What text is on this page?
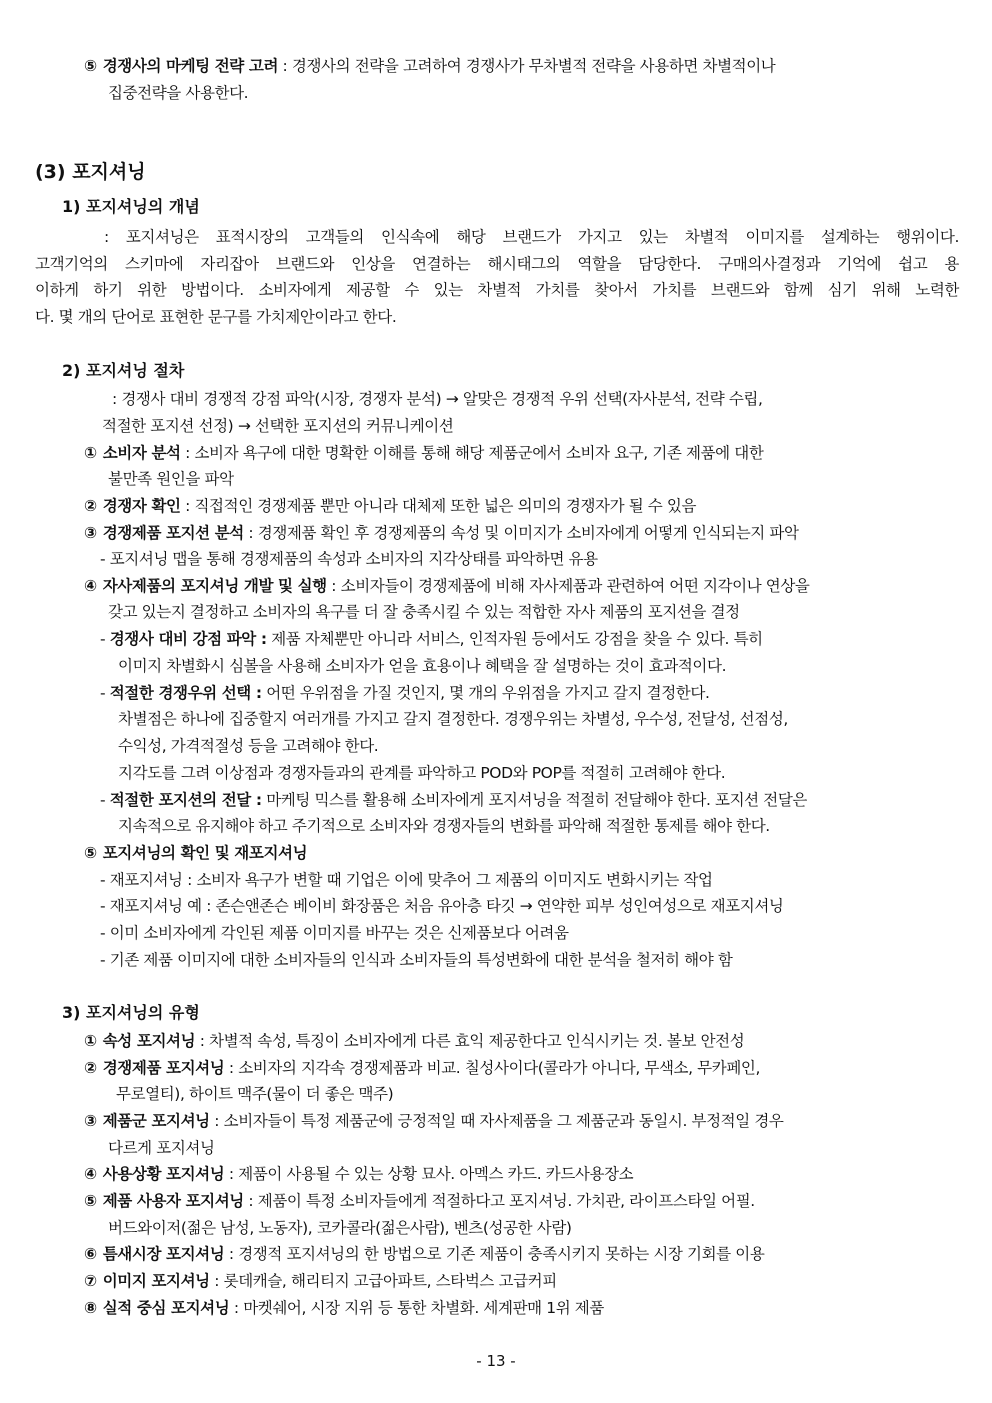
⑤ 경쟁사의 마케팅 전략 고려 : 경쟁사의 전략을 고려하여 경쟁사가 무차별적 전략을 사용하면 차별적이나
집중전략을 사용한다.
(3) 포지셔닝
1) 포지셔닝의 개념
: 포지셔닝은 표적시장의 고객들의 인식속에 해당 브랜드가 가지고 있는 차별적 이미지를 설계하는 행위이다.
고객기억의 스키마에 자리잡아 브랜드와 인상을 연결하는 해시태그의 역할을 담당한다. 구매의사결정과 기억에 쉽고 용
이하게 하기 위한 방법이다. 소비자에게 제공할 수 있는 차별적 가치를 찾아서 가치를 브랜드와 함께 심기 위해 노력한
다. 몇 개의 단어로 표현한 문구를 가치제안이라고 한다.
2) 포지셔닝 절차
: 경쟁사 대비 경쟁적 강점 파악(시장, 경쟁자 분석) → 알맞은 경쟁적 우위 선택(자사분석, 전략 수립,
적절한 포지션 선정) → 선택한 포지션의 커뮤니케이션
① 소비자 분석 : 소비자 욕구에 대한 명확한 이해를 통해 해당 제품군에서 소비자 요구, 기존 제품에 대한
불만족 원인을 파악
② 경쟁자 확인 : 직접적인 경쟁제품 뿐만 아니라 대체제 또한 넓은 의미의 경쟁자가 될 수 있음
③ 경쟁제품 포지션 분석 : 경쟁제품 확인 후 경쟁제품의 속성 및 이미지가 소비자에게 어떻게 인식되는지 파악
- 포지셔닝 맵을 통해 경쟁제품의 속성과 소비자의 지각상태를 파악하면 유용
④ 자사제품의 포지셔닝 개발 및 실행 : 소비자들이 경쟁제품에 비해 자사제품과 관련하여 어떤 지각이나 연상을
갖고 있는지 결정하고 소비자의 욕구를 더 잘 충족시킬 수 있는 적합한 자사 제품의 포지션을 결정
- 경쟁사 대비 강점 파악 : 제품 자체뿐만 아니라 서비스, 인적자원 등에서도 강점을 찾을 수 있다. 특히
이미지 차별화시 심볼을 사용해 소비자가 얻을 효용이나 혜택을 잘 설명하는 것이 효과적이다.
- 적절한 경쟁우위 선택 : 어떤 우위점을 가질 것인지, 몇 개의 우위점을 가지고 갈지 결정한다.
차별점은 하나에 집중할지 여러개를 가지고 갈지 결정한다. 경쟁우위는 차별성, 우수성, 전달성, 선점성,
수익성, 가격적절성 등을 고려해야 한다.
지각도를 그려 이상점과 경쟁자들과의 관계를 파악하고 POD와 POP를 적절히 고려해야 한다.
- 적절한 포지션의 전달 : 마케팅 믹스를 활용해 소비자에게 포지셔닝을 적절히 전달해야 한다. 포지션 전달은
지속적으로 유지해야 하고 주기적으로 소비자와 경쟁자들의 변화를 파악해 적절한 통제를 해야 한다.
⑤ 포지셔닝의 확인 및 재포지셔닝
- 재포지셔닝 : 소비자 욕구가 변할 때 기업은 이에 맞추어 그 제품의 이미지도 변화시키는 작업
- 재포지셔닝 예 : 존슨앤존슨 베이비 화장품은 처음 유아층 타깃 → 연약한 피부 성인여성으로 재포지셔닝
- 이미 소비자에게 각인된 제품 이미지를 바꾸는 것은 신제품보다 어려움
- 기존 제품 이미지에 대한 소비자들의 인식과 소비자들의 특성변화에 대한 분석을 철저히 해야 함
3) 포지셔닝의 유형
① 속성 포지셔닝 : 차별적 속성, 특징이 소비자에게 다른 효익 제공한다고 인식시키는 것. 볼보 안전성
② 경쟁제품 포지셔닝 : 소비자의 지각속 경쟁제품과 비교. 칠성사이다(콜라가 아니다, 무색소, 무카페인,
무로열티), 하이트 맥주(물이 더 좋은 맥주)
③ 제품군 포지셔닝 : 소비자들이 특정 제품군에 긍정적일 때 자사제품을 그 제품군과 동일시. 부정적일 경우
다르게 포지셔닝
④ 사용상황 포지셔닝 : 제품이 사용될 수 있는 상황 묘사. 아멕스 카드. 카드사용장소
⑤ 제품 사용자 포지셔닝 : 제품이 특정 소비자들에게 적절하다고 포지셔닝. 가치관, 라이프스타일 어필.
버드와이저(젊은 남성, 노동자), 코카콜라(젊은사람), 벤츠(성공한 사람)
⑥ 틈새시장 포지셔닝 : 경쟁적 포지셔닝의 한 방법으로 기존 제품이 충족시키지 못하는 시장 기회를 이용
⑦ 이미지 포지셔닝 : 롯데캐슬, 해리티지 고급아파트, 스타벅스 고급커피
⑧ 실적 중심 포지셔닝 : 마켓쉐어, 시장 지위 등 통한 차별화. 세계판매 1위 제품
- 13 -
